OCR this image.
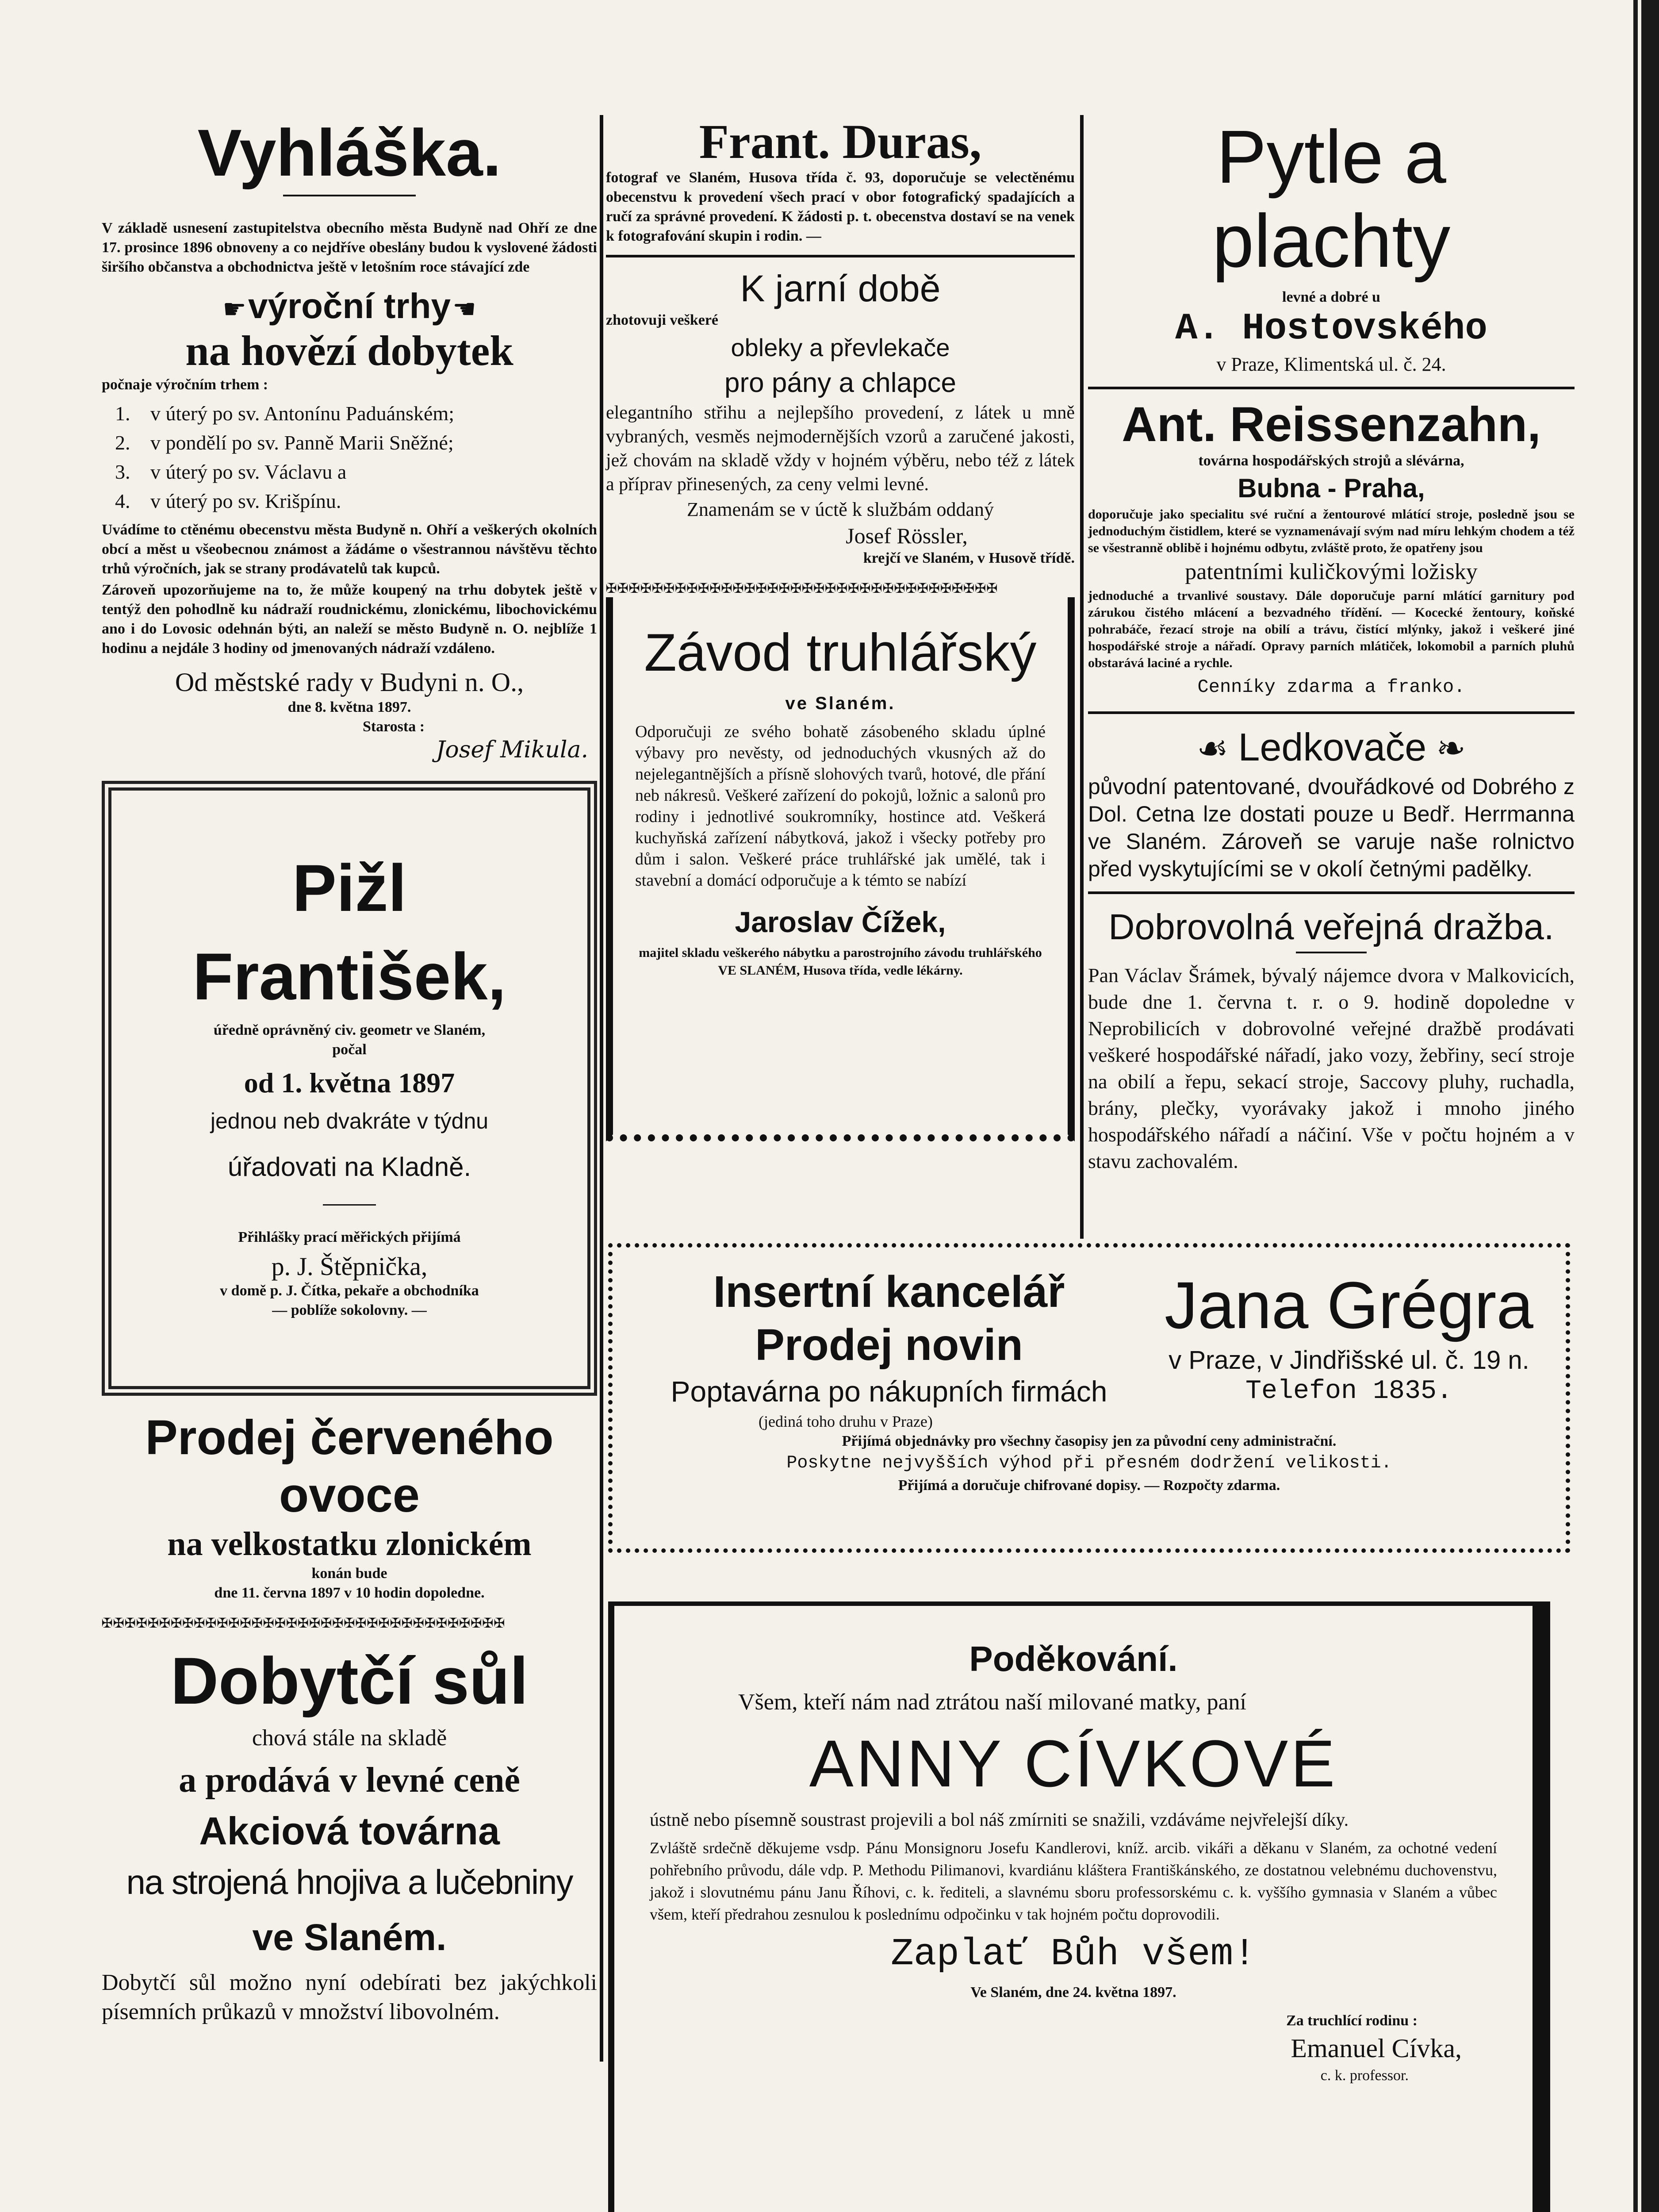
Vyhláška.

V základě usnesení zastupitelstva obecního města Budyně nad Ohří ze dne 17. prosince 1896 obnoveny a co nejdříve obeslány budou k vyslovené žádosti širšího občanstva a obchodnictva ještě v letošním roce stávající zde

☛ výroční trhy ☚
na hovězí dobytek

počnaje výročním trhem :

1. v úterý po sv. Antonínu Paduánském;
2. v pondělí po sv. Panně Marii Sněžné;
3. v úterý po sv. Václavu a
4. v úterý po sv. Krišpínu.

Uvádíme to ctěnému obecenstvu města Budyně n. Ohří a veškerých okolních obcí a měst u všeobecnou známost a žádáme o všestrannou návštěvu těchto trhů výročních, jak se strany prodávatelů tak kupců.

Zároveň upozorňujeme na to, že může koupený na trhu dobytek ještě v tentýž den pohodlně ku nádraží roudnickému, zlonickému, libochovickému ano i do Lovosic odehnán býti, an naleží se město Budyně n. O. nejblíže 1 hodinu a nejdále 3 hodiny od jmenovaných nádraží vzdáleno.

Od městské rady v Budyni n. O.,
dne 8. května 1897.
Starosta :
Josef Mikula.
Pižl František,
úředně oprávněný civ. geometr ve Slaném,
počal
od 1. května 1897
jednou neb dvakráte v týdnu
úřadovati na Kladně.
Přihlášky prací měřických přijímá
p. J. Štěpnička,
v domě p. J. Čítka, pekaře a obchodníka
— poblíže sokolovny. —
Prodej červeného ovoce
na velkostatku zlonickém
konán bude
dne 11. června 1897 v 10 hodin dopoledne.
✠✠✠✠✠✠✠✠✠✠✠✠✠✠✠✠✠✠✠✠✠✠✠✠✠✠✠✠✠✠✠✠✠✠✠
Dobytčí sůl
chová stále na skladě
a prodává v levné ceně
Akciová továrna
na strojená hnojiva a lučebniny
ve Slaném.

Dobytčí sůl možno nyní odebírati bez jakýchkoli písemních průkazů v množství libovolném.

Frant. Duras,

fotograf ve Slaném, Husova třída č. 93, doporučuje se velectěnému obecenstvu k provedení všech prací v obor fotografický spadajících a ručí za správné provedení. K žádosti p. t. obecenstva dostaví se na venek k fotografování skupin i rodin. —

K jarní době
zhotovuji veškeré
obleky a převlekače
pro pány a chlapce

elegantního střihu a nejlepšího provedení, z látek u mně vybraných, vesměs nejmodernějších vzorů a zaručené jakosti, jež chovám na skladě vždy v hojném výběru, nebo též z látek a příprav přinesených, za ceny velmi levné.

Znamenám se v úctě k službám oddaný
Josef Rössler,
krejčí ve Slaném, v Husově třídě.
✠✠✠✠✠✠✠✠✠✠✠✠✠✠✠✠✠✠✠✠✠✠✠✠✠✠✠✠✠✠✠✠✠✠
Závod truhlářský
ve Slaném.

Odporučuji ze svého bohatě zásobeného skladu úplné výbavy pro nevěsty, od jednoduchých vkusných až do nejelegantnějších a přísně slohových tvarů, hotové, dle přání neb nákresů. Veškeré zařízení do pokojů, ložnic a salonů pro rodiny i jednotlivé soukromníky, hostince atd. Veškerá kuchyňská zařízení nábytková, jakož i všecky potřeby pro dům i salon. Veškeré práce truhlářské jak umělé, tak i stavební a domácí odporučuje a k témto se nabízí

Jaroslav Čížek,

majitel skladu veškerého nábytku a parostrojního závodu truhlářského VE SLANÉM, Husova třída, vedle lékárny.

Pytle a plachty
levné a dobré u
A. Hostovského
v Praze, Klimentská ul. č. 24.
Ant. Reissenzahn,
továrna hospodářských strojů a slévárna,
Bubna - Praha,

doporučuje jako specialitu své ruční a žentourové mlátící stroje, posledně jsou se jednoduchým čistidlem, které se vyznamenávají svým nad míru lehkým chodem a též se všestranně oblibě i hojnému odbytu, zvláště proto, že opatřeny jsou

patentními kuličkovými ložisky

jednoduché a trvanlivé soustavy. Dále doporučuje parní mlátící garnitury pod zárukou čistého mlácení a bezvadného třídění. — Kocecké žentoury, koňské pohrabáče, řezací stroje na obilí a trávu, čistící mlýnky, jakož i veškeré jiné hospodářské stroje a nářadí. Opravy parních mlátiček, lokomobil a parních pluhů obstarává laciné a rychle.

Cenníky zdarma a franko.
☙ Ledkovače ❧

původní patentované, dvouřádkové od Dobrého z Dol. Cetna lze dostati pouze u Bedř. Herrmanna ve Slaném. Zároveň se varuje naše rolnictvo před vyskytujícími se v okolí četnými padělky.

Dobrovolná veřejná dražba.

Pan Václav Šrámek, bývalý nájemce dvora v Malkovicích, bude dne 1. června t. r. o 9. hodině dopoledne v Neprobilicích v dobrovolné veřejné dražbě prodávati veškeré hospodářské nářadí, jako vozy, žebřiny, secí stroje na obilí a řepu, sekací stroje, Saccovy pluhy, ruchadla, brány, plečky, vyorávaky jakož i mnoho jiného hospodářského nářadí a náčiní. Vše v počtu hojném a v stavu zachovalém.

Insertní kancelář
Prodej novin
Poptavárna po nákupních firmách
Jana Grégra
v Praze, v Jindřišské ul. č. 19 n.
Telefon 1835.
(jediná toho druhu v Praze)
Přijímá objednávky pro všechny časopisy jen za původní ceny administrační.
Poskytne nejvyšších výhod při přesném dodržení velikosti.
Přijímá a doručuje chifrované dopisy. — Rozpočty zdarma.
Poděkování.
Všem, kteří nám nad ztrátou naší milované matky, paní
ANNY CÍVKOVÉ

ústně nebo písemně soustrast projevili a bol náš zmírniti se snažili, vzdáváme nejvřelejší díky.

Zvláště srdečně děkujeme vsdp. Pánu Monsignoru Josefu Kandlerovi, kníž. arcib. vikáři a děkanu v Slaném, za ochotné vedení pohřebního průvodu, dále vdp. P. Methodu Pilimanovi, kvardiánu kláštera Františkánského, ze dostatnou velebnému duchovenstvu, jakož i slovutnému pánu Janu Říhovi, c. k. řediteli, a slavnému sboru professorskému c. k. vyššího gymnasia v Slaném a vůbec všem, kteří předrahou zesnulou k poslednímu odpočinku v tak hojném počtu doprovodili.

Zaplať Bůh všem!
Ve Slaném, dne 24. května 1897.
Za truchlící rodinu :
Emanuel Cívka,
c. k. professor.
